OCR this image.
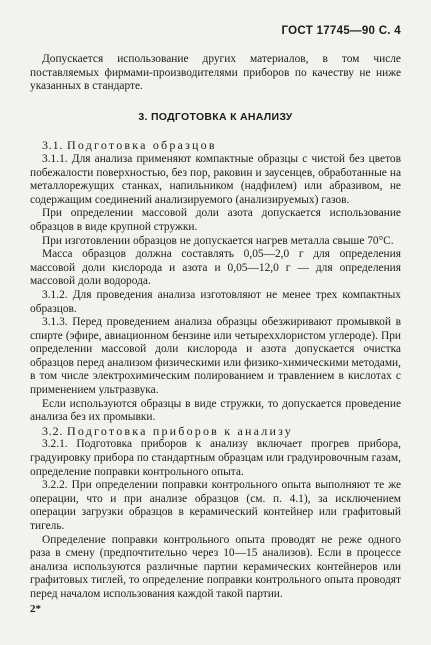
ГОСТ 17745—90 С. 4

Допускается использование других материалов, в том числе поставляемых фирмами-производителями приборов по качеству не ниже указанных в стандарте.

3. ПОДГОТОВКА К АНАЛИЗУ

3.1. Подготовка образцов

3.1.1. Для анализа применяют компактные образцы с чистой без цветов побежалости поверхностью, без пор, раковин и заусенцев, обработанные на металлорежущих станках, напильником (надфилем) или абразивом, не содержащим соединений анализируемого (анализируемых) газов.

При определении массовой доли азота допускается использование образцов в виде крупной стружки.

При изготовлении образцов не допускается нагрев металла свыше 70°С.

Масса образцов должна составлять 0,05—2,0 г для определения массовой доли кислорода и азота и 0,05—12,0 г — для определения массовой доли водорода.

3.1.2. Для проведения анализа изготовляют не менее трех компактных образцов.

3.1.3. Перед проведением анализа образцы обезжиривают промывкой в спирте (эфире, авиационном бензине или четыреххлористом углероде). При определении массовой доли кислорода и азота допускается очистка образцов перед анализом физическими или физико-химическими методами, в том числе электрохимическим полированием и травлением в кислотах с применением ультразвука.

Если используются образцы в виде стружки, то допускается проведение анализа без их промывки.

3.2. Подготовка приборов к анализу

3.2.1. Подготовка приборов к анализу включает прогрев прибора, градуировку прибора по стандартным образцам или градуировочным газам, определение поправки контрольного опыта.

3.2.2. При определении поправки контрольного опыта выполняют те же операции, что и при анализе образцов (см. п. 4.1), за исключением операции загрузки образцов в керамический контейнер или графитовый тигель.

Определение поправки контрольного опыта проводят не реже одного раза в смену (предпочтительно через 10—15 анализов). Если в процессе анализа используются различные партии керамических контейнеров или графитовых тиглей, то определение поправки контрольного опыта проводят перед началом использования каждой такой партии.

2*
